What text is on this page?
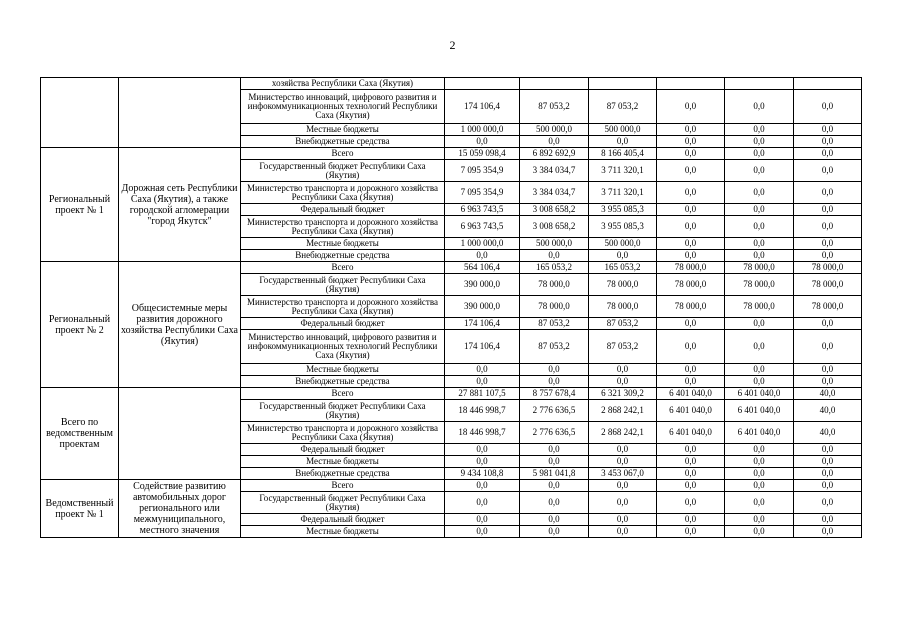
2
		хозяйства Республики Саха (Якутия)						
		Министерство инноваций, цифрового развития и инфокоммуникационных технологий Республики Саха (Якутия)	174 106,4	87 053,2	87 053,2	0,0	0,0	0,0
		Местные бюджеты	1 000 000,0	500 000,0	500 000,0	0,0	0,0	0,0
		Внебюджетные средства	0,0	0,0	0,0	0,0	0,0	0,0
Региональный проект № 1	Дорожная сеть Республики Саха (Якутия), а также городской агломерации "город Якутск"	Всего	15 059 098,4	6 892 692,9	8 166 405,4	0,0	0,0	0,0
		Государственный бюджет Республики Саха (Якутия)	7 095 354,9	3 384 034,7	3 711 320,1	0,0	0,0	0,0
		Министерство транспорта и дорожного хозяйства Республики Саха (Якутия)	7 095 354,9	3 384 034,7	3 711 320,1	0,0	0,0	0,0
		Федеральный бюджет	6 963 743,5	3 008 658,2	3 955 085,3	0,0	0,0	0,0
		Министерство транспорта и дорожного хозяйства Республики Саха (Якутия)	6 963 743,5	3 008 658,2	3 955 085,3	0,0	0,0	0,0
		Местные бюджеты	1 000 000,0	500 000,0	500 000,0	0,0	0,0	0,0
		Внебюджетные средства	0,0	0,0	0,0	0,0	0,0	0,0
Региональный проект № 2	Общесистемные меры развития дорожного хозяйства Республики Саха (Якутия)	Всего	564 106,4	165 053,2	165 053,2	78 000,0	78 000,0	78 000,0
		Государственный бюджет Республики Саха (Якутия)	390 000,0	78 000,0	78 000,0	78 000,0	78 000,0	78 000,0
		Министерство транспорта и дорожного хозяйства Республики Саха (Якутия)	390 000,0	78 000,0	78 000,0	78 000,0	78 000,0	78 000,0
		Федеральный бюджет	174 106,4	87 053,2	87 053,2	0,0	0,0	0,0
		Министерство инноваций, цифрового развития и инфокоммуникационных технологий Республики Саха (Якутия)	174 106,4	87 053,2	87 053,2	0,0	0,0	0,0
		Местные бюджеты	0,0	0,0	0,0	0,0	0,0	0,0
		Внебюджетные средства	0,0	0,0	0,0	0,0	0,0	0,0
Всего по ведомственным проектам		Всего	27 881 107,5	8 757 678,4	6 321 309,2	6 401 040,0	6 401 040,0	40,0
		Государственный бюджет Республики Саха (Якутия)	18 446 998,7	2 776 636,5	2 868 242,1	6 401 040,0	6 401 040,0	40,0
		Министерство транспорта и дорожного хозяйства Республики Саха (Якутия)	18 446 998,7	2 776 636,5	2 868 242,1	6 401 040,0	6 401 040,0	40,0
		Федеральный бюджет	0,0	0,0	0,0	0,0	0,0	0,0
		Местные бюджеты	0,0	0,0	0,0	0,0	0,0	0,0
		Внебюджетные средства	9 434 108,8	5 981 041,8	3 453 067,0	0,0	0,0	0,0
Ведомственный проект № 1	Содействие развитию автомобильных дорог регионального или межмуниципального, местного значения	Всего	0,0	0,0	0,0	0,0	0,0	0,0
		Государственный бюджет Республики Саха (Якутия)	0,0	0,0	0,0	0,0	0,0	0,0
		Федеральный бюджет	0,0	0,0	0,0	0,0	0,0	0,0
		Местные бюджеты	0,0	0,0	0,0	0,0	0,0	0,0
